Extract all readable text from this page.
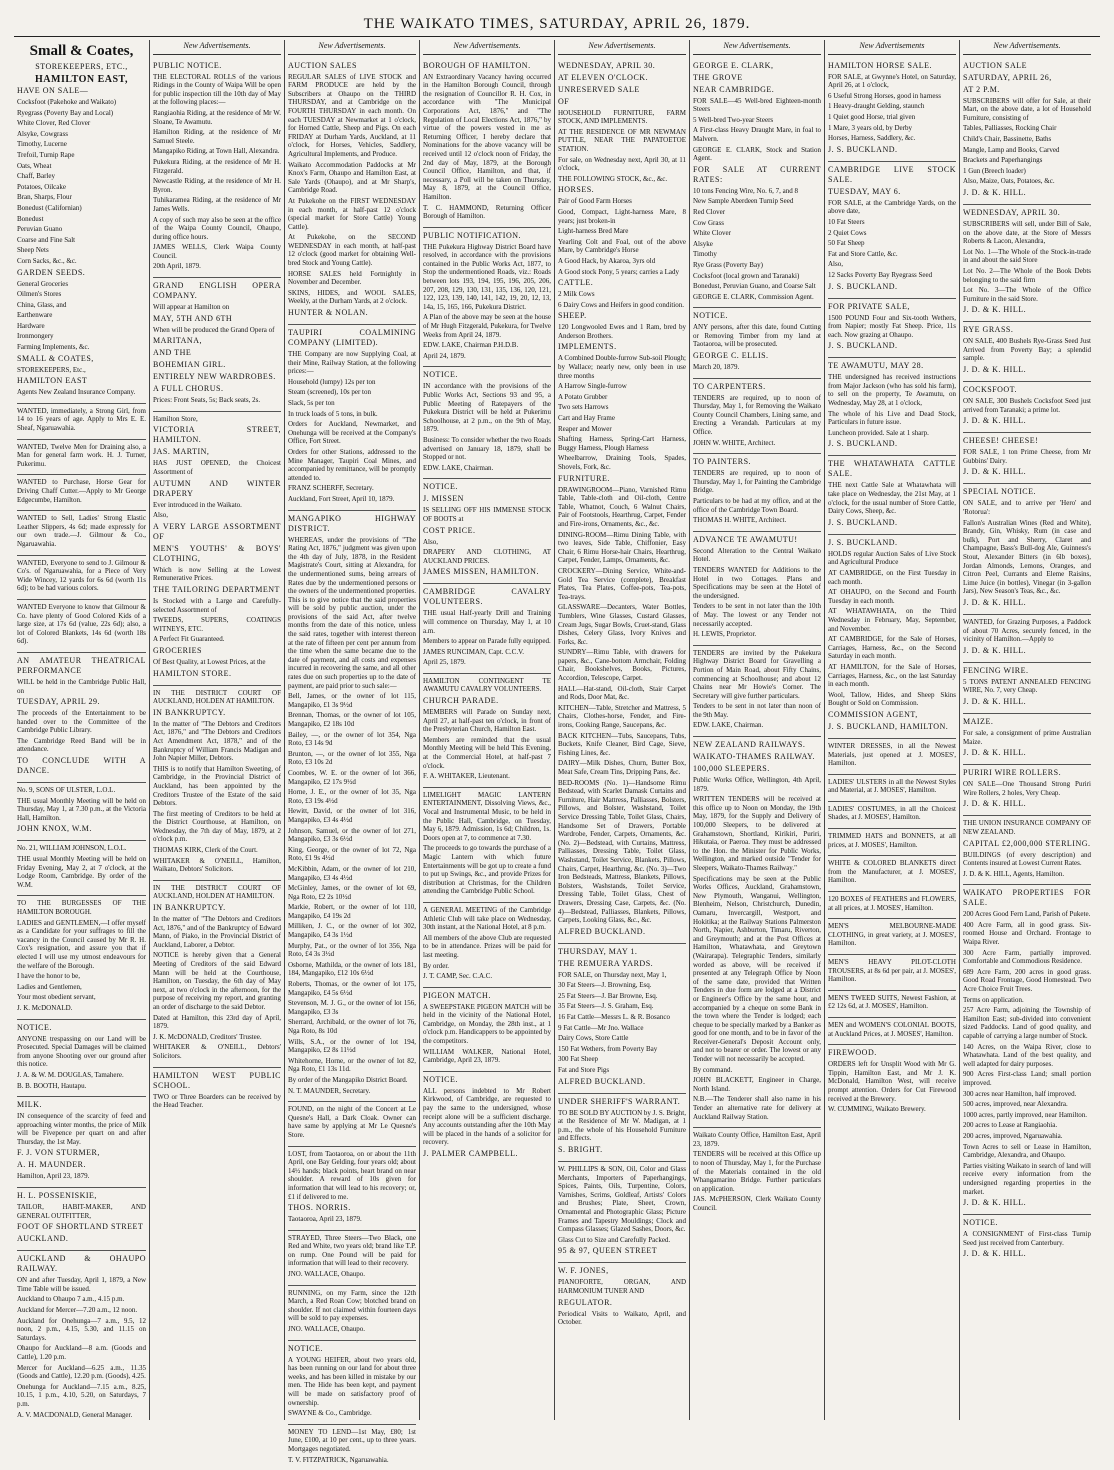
THE WAIKATO TIMES, SATURDAY, APRIL 26, 1879.
Small & Coates,
STOREKEEPERS, ETC.,
HAMILTON EAST,

HAVE ON SALE—

Cocksfoot (Pakehoke and Waikato)

Ryegrass (Poverty Bay and Local)

White Clover, Red Clover

Alsyke, Cowgrass

Timothy, Lucerne

Trefoil, Turnip Rape

Oats, Wheat

Chaff, Barley

Potatoes, Oilcake

Bran, Sharps, Flour

Bonedust (Californian)

Bonedust

Peruvian Guano

Coarse and Fine Salt

Sheep Nets

Corn Sacks, &c., &c.

GARDEN SEEDS.

General Groceries

Oilmen's Stores

China, Glass, and

Earthenware

Hardware

Ironmongery

Farming Implements, &c.

SMALL & COATES,

STOREKEEPERS, Etc.,

HAMILTON EAST

Agents New Zealand Insurance Company.

WANTED, immediately, a Strong Girl, from 14 to 16 years of age. Apply to Mrs E. E. Sheaf, Ngaruawahia.

WANTED, Twelve Men for Draining also, a Man for general farm work. H. J. Turner, Pukerimu.

WANTED to Purchase, Horse Gear for Driving Chaff Cutter.—Apply to Mr George Edgecumbe, Hamilton.

WANTED to Sell, Ladies' Strong Elastic Leather Slippers, 4s 6d; made expressly for our own trade.—J. Gilmour & Co., Ngaruawahia.

WANTED, Everyone to send to J. Gilmour & Co's. of Ngaruawahia, for a Piece of Very Wide Wincey, 12 yards for 6s 6d (worth 11s 6d); to be had various colors.

WANTED Everyone to know that Gilmour & Co. have plenty of Good Colored Kids of a large size, at 17s 6d (value, 22s 6d); also, a lot of Colored Blankets, 14s 6d (worth 18s 6d).

AN AMATEUR THEATRICAL PERFORMANCE

WILL be held in the Cambridge Public Hall, on

TUESDAY, APRIL 29.

The proceeds of the Entertainment to be handed over to the Committee of the Cambridge Public Library.

The Cambridge Reed Band will be in attendance.

TO CONCLUDE WITH A DANCE.

No. 9, SONS OF ULSTER, L.O.L.

THE usual Monthly Meeting will be held on Thursday, May 1, at 7.30 p.m., at the Victoria Hall, Hamilton.

JOHN KNOX, W.M.

No. 21, WILLIAM JOHNSON, L.O.L.

THE usual Monthly Meeting will be held on Friday Evening, May 2, at 7 o'clock, at the Lodge Room, Cambridge. By order of the W.M.

TO THE BURGESSES OF THE HAMILTON BOROUGH.

LADIES and GENTLEMEN,—I offer myself as a Candidate for your suffrages to fill the vacancy in the Council caused by Mr R. H. Cox's resignation, and assure you that if elected I will use my utmost endeavours for the welfare of the Borough.

I have the honor to be,

Ladies and Gentlemen,

Your most obedient servant,

J. K. McDONALD.

NOTICE.

ANYONE trespassing on our Land will be Prosecuted. Special Damages will be claimed from anyone Shooting over our ground after this notice.

J. A. & W. M. DOUGLAS, Tamahere.

B. B. BOOTH, Hautapu.

MILK.

IN consequence of the scarcity of feed and approaching winter months, the price of Milk will be Fivepence per quart on and after Thursday, the 1st May.

F. J. VON STURMER,

A. H. MAUNDER.

Hamilton, April 23, 1879.

H. L. POSSENISKIE,

TAILOR, HABIT-MAKER, AND GENERAL OUTFITTER,

FOOT OF SHORTLAND STREET

AUCKLAND.

AUCKLAND & OHAUPO RAILWAY.

ON and after Tuesday, April 1, 1879, a New Time Table will be issued.

Auckland to Ohaupo 7 a.m., 4.15 p.m.

Auckland for Mercer—7.20 a.m., 12 noon.

Auckland for Onehunga—7 a.m., 9.5, 12 noon, 2 p.m., 4.15, 5.30, and 11.15 on Saturdays.

Ohaupo for Auckland—8 a.m. (Goods and Cattle), 1.20 p.m.

Mercer for Auckland—6.25 a.m., 11.35 (Goods and Cattle), 12.20 p.m. (Goods), 4.25.

Onehunga for Auckland—7.15 a.m., 8.25, 10.15, 1 p.m., 4.10, 5.20, on Saturdays, 7 p.m.

A. V. MACDONALD, General Manager.

New Advertisements.

PUBLIC NOTICE.

THE ELECTORAL ROLLS of the various Ridings in the County of Waipa Will be open for public inspection till the 10th day of May at the following places:—

Rangiaohia Riding, at the residence of Mr W. Sloane, Te Awamutu.

Hamilton Riding, at the residence of Mr Samuel Steele.

Mangapiko Riding, at Town Hall, Alexandra.

Pukekura Riding, at the residence of Mr H. Fitzgerald.

Newcastle Riding, at the residence of Mr H. Byron.

Tuhikaramea Riding, at the residence of Mr James Wells.

A copy of such may also be seen at the office of the Waipa County Council, Ohaupo, during office hours.

JAMES WELLS, Clerk Waipa County Council.

20th April, 1879.

GRAND ENGLISH OPERA COMPANY.

Will appear at Hamilton on

MAY, 5TH AND 6TH

When will be produced the Grand Opera of

MARITANA,

AND THE

BOHEMIAN GIRL.

ENTIRELY NEW WARDROBES.

A FULL CHORUS.

Prices: Front Seats, 5s; Back seats, 2s.

Hamilton Store,

VICTORIA STREET, HAMILTON.

JAS. MARTIN,

HAS JUST OPENED, the Choicest Assortment of

AUTUMN AND WINTER DRAPERY

Ever introduced in the Waikato.

Also,

A VERY LARGE ASSORTMENT OF

MEN'S YOUTHS' & BOYS' CLOTHING,

Which is now Selling at the Lowest Remunerative Prices.

THE TAILORING DEPARTMENT

Is Stocked with a Large and Carefully-selected Assortment of

TWEEDS, SUPERS, COATINGS WITNEYS, ETC.

A Perfect Fit Guaranteed.

GROCERIES

Of Best Quality, at Lowest Prices, at the

HAMILTON STORE.

IN THE DISTRICT COURT OF AUCKLAND, HOLDEN AT HAMILTON.

IN BANKRUPTCY.

In the matter of "The Debtors and Creditors Act, 1876," and "The Debtors and Creditors Act Amendment Act, 1878," and of the Bankruptcy of William Francis Madigan and John Napier Miller, Debtors.

THIS is to notify that Hamilton Sweeting, of Cambridge, in the Provincial District of Auckland, has been appointed by the Creditors Trustee of the Estate of the said Debtors.

The first meeting of Creditors to be held at the District Courthouse, at Hamilton, on Wednesday, the 7th day of May, 1879, at 2 o'clock p.m.

THOMAS KIRK, Clerk of the Court.

WHITAKER & O'NEILL, Hamilton, Waikato, Debtors' Solicitors.

IN THE DISTRICT COURT OF AUCKLAND, HOLDEN AT HAMILTON.

IN BANKRUPTCY.

In the matter of "The Debtors and Creditors Act, 1876," and of the Bankruptcy of Edward Mann, of Piako, in the Provincial District of Auckland, Laborer, a Debtor.

NOTICE is hereby given that a General Meeting of Creditors of the said Edward Mann will be held at the Courthouse, Hamilton, on Tuesday, the 6th day of May next, at two o'clock in the afternoon, for the purpose of receiving my report, and granting an order of discharge to the said Debtor.

Dated at Hamilton, this 23rd day of April, 1879.

J. K. McDONALD, Creditors' Trustee.

WHITAKER & O'NEILL, Debtors' Solicitors.

HAMILTON WEST PUBLIC SCHOOL.

TWO or Three Boarders can be received by the Head Teacher.

New Advertisements.

AUCTION SALES

REGULAR SALES of LIVE STOCK and FARM PRODUCE are held by the Subscribers at Ohaupo on the THIRD THURSDAY, and at Cambridge on the FOURTH THURSDAY in each month. On each TUESDAY at Newmarket at 1 o'clock, for Horned Cattle, Sheep and Pigs. On each FRIDAY at Durham Yards, Auckland, at 11 o'clock, for Horses, Vehicles, Saddlery, Agricultural Implements, and Produce.

Waikato Accommodation Paddocks at Mr Knox's Farm, Ohaupo and Hamilton East, at Sale Yards (Ohaupo), and at Mr Sharp's, Cambridge Road.

At Pukekohe on the FIRST WEDNESDAY in each month, at half-past 12 o'clock (special market for Store Cattle) Young Cattle).

At Pukekohe, on the SECOND WEDNESDAY in each month, at half-past 12 o'clock (good market for obtaining Well-bred Stock and Young Cattle).

HORSE SALES held Fortnightly in November and December.

SKINS, HIDES, and WOOL SALES, Weekly, at the Durham Yards, at 2 o'clock.

HUNTER & NOLAN.

TAUPIRI COALMINING COMPANY (LIMITED).

THE Company are now Supplying Coal, at their Mine, Railway Station, at the following prices:—

Household (lumpy) 12s per ton

Steam (screened), 10s per ton

Slack, 5s per ton

In truck loads of 5 tons, in bulk.

Orders for Auckland, Newmarket, and Onehunga will be received at the Company's Office, Fort Street.

Orders for other Stations, addressed to the Mine Manager, Taupiri Coal Mines, and accompanied by remittance, will be promptly attended to.

FRANZ SCHERFF, Secretary.

Auckland, Fort Street, April 10, 1879.

MANGAPIKO HIGHWAY DISTRICT.

WHEREAS, under the provisions of "The Rating Act, 1876," judgment was given upon the 4th day of July, 1878, in the Resident Magistrate's Court, sitting at Alexandra, for the undermentioned sums, being arrears of Rates due by the undermentioned persons or the owners of the undermentioned properties. This is to give notice that the said properties will be sold by public auction, under the provisions of the said Act, after twelve months from the date of this notice, unless the said rates, together with interest thereon at the rate of fifteen per cent per annum from the time when the same became due to the date of payment, and all costs and expenses incurred in recovering the same, and all other rates due on such properties up to the date of payment, are paid prior to such sale:—

Bell, James, or the owner of lot 115, Mangapiko, £1 3s 9½d

Brennan, Thomas, or the owner of lot 105, Mangapiko, £2 18s 10d

Bailey, —, or the owner of lot 354, Nga Roto, £3 14s 9d

Brunton, —, or the owner of lot 355, Nga Roto, £3 10s 2d

Coombes, W. E. or the owner of lot 366, Mangapiko, £2 17s 9½d

Horne, J. E., or the owner of lot 35, Nga Roto, £3 19s 4½d

Hewitt, David, or the owner of lot 316, Mangapiko, £3 4s 4½d

Johnson, Samuel, or the owner of lot 271, Mangapiko, £3 3s 6½d

King, George, or the owner of lot 72, Nga Roto, £1 9s 4½d

McKibbin, Adam, or the owner of lot 210, Mangapiko, £3 4s 4½d

McGinley, James, or the owner of lot 69, Nga Roto, £2 2s 10½d

Markie, Robert, or the owner of lot 110, Mangapiko, £4 19s 2d

Milliken, J. C., or the owner of lot 302, Mangapiko, £4 3s 1½d

Murphy, Pat., or the owner of lot 356, Nga Roto, £4 3s 3½d

Osborne, Mathilda, or the owner of lots 181, 184, Mangapiko, £12 10s 6½d

Roberts, Thomas, or the owner of lot 175, Mangapiko, £4 5s 6½d

Stevenson, M. J. G., or the owner of lot 156, Mangapiko, £3 3s

Sherrard, Archibald, or the owner of lot 76, Nga Roto, 8s 10d

Wills, S.A., or the owner of lot 194, Mangapiko, £2 8s 11½d

Whitehorne, Horne, or the owner of lot 82, Nga Roto, £1 13s 11d.

By order of the Mangapiko District Board.

N. T. MAUNDER, Secretary.

FOUND, on the night of the Concert at Le Quesne's Hall, a Dark Cloak. Owner can have same by applying at Mr Le Quesne's Store.

LOST, from Taotaoroa, on or about the 11th April, one Bay Gelding, four years old; about 14½ hands; black points, heart brand on near shoulder. A reward of 10s given for information that will lead to his recovery; or, £1 if delivered to me.

THOS. NORRIS.

Taotaoroa, April 23, 1879.

STRAYED, Three Steers—Two Black, one Red and White, two years old; brand like T.P. on rump. One Pound will be paid for information that will lead to their recovery.

JNO. WALLACE, Ohaupo.

RUNNING, on my Farm, since the 12th March, a Red Roan Cow; blotched brand on shoulder. If not claimed within fourteen days will be sold to pay expenses.

JNO. WALLACE, Ohaupo.

NOTICE.

A YOUNG HEIFER, about two years old, has been running on our land for about three weeks, and has been killed in mistake by our men. The Hide has been kept, and payment will be made on satisfactory proof of ownership.

SWAYNE & Co., Cambridge.

MONEY TO LEND—1st May, £80; 1st June, £100, at 10 per cent., up to three years. Mortgages negotiated.

T. V. FITZPATRICK, Ngaruawahia.

New Advertisements.

BOROUGH OF HAMILTON.

AN Extraordinary Vacancy having occurred in the Hamilton Borough Council, through the resignation of Councillor R. H. Cox, in accordance with "The Municipal Corporations Act, 1876," and "The Regulation of Local Elections Act, 1876," by virtue of the powers vested in me as Returning Officer, I hereby declare that Nominations for the above vacancy will be received until 12 o'clock noon of Friday, the 2nd day of May, 1879, at the Borough Council Office, Hamilton, and that, if necessary, a Poll will be taken on Thursday, May 8, 1879, at the Council Office, Hamilton.

T. C. HAMMOND, Returning Officer Borough of Hamilton.

PUBLIC NOTIFICATION.

THE Pukekura Highway District Board have resolved, in accordance with the provisions contained in the Public Works Act, 1877, to Stop the undermentioned Roads, viz.: Roads between lots 193, 194, 195, 196, 205, 206, 207, 208, 129, 130, 131, 135, 136, 120, 121, 122, 123, 139, 140, 141, 142, 19, 20, 12, 13, 14a, 15, 165, 166, Pukekura District.

A Plan of the above may be seen at the house of Mr Hugh Fitzgerald, Pukekura, for Twelve Weeks from April 24, 1879.

EDW. LAKE, Chairman P.H.D.B.

April 24, 1879.

NOTICE.

IN accordance with the provisions of the Public Works Act, Sections 93 and 95, a Public Meeting of Ratepayers of the Pukekura District will be held at Pukerimu Schoolhouse, at 2 p.m., on the 9th of May, 1879.

Business: To consider whether the two Roads advertised on January 18, 1879, shall be Stopped or not.

EDW. LAKE, Chairman.

NOTICE.

J. MISSEN

IS SELLING OFF HIS IMMENSE STOCK OF BOOTS at

COST PRICE.

Also,

DRAPERY AND CLOTHING, AT AUCKLAND PRICES.

JAMES MISSEN, HAMILTON.

CAMBRIDGE CAVALRY VOLUNTEERS.

THE usual Half-yearly Drill and Training will commence on Thursday, May 1, at 10 a.m.

Members to appear on Parade fully equipped.

JAMES RUNCIMAN, Capt. C.C.V.

April 25, 1879.

HAMILTON CONTINGENT TE AWAMUTU CAVALRY VOLUNTEERS.

CHURCH PARADE.

MEMBERS will Parade on Sunday next, April 27, at half-past ten o'clock, in front of the Presbyterian Church, Hamilton East.

Members are reminded that the usual Monthly Meeting will be held This Evening, at the Commercial Hotel, at half-past 7 o'clock.

F. A. WHITAKER, Lieutenant.

LIMELIGHT MAGIC LANTERN ENTERTAINMENT, Dissolving Views, &c., Vocal and Instrumental Music, to be held in the Public Hall, Cambridge, on Tuesday, May 6, 1879. Admission, 1s 6d; Children, 1s. Doors open at 7, to commence at 7.30.

The proceeds to go towards the purchase of a Magic Lantern with which future Entertainments will be got up to create a fund to put up Swings, &c., and provide Prizes for distribution at Christmas, for the Children attending the Cambridge Public School.

A GENERAL MEETING of the Cambridge Athletic Club will take place on Wednesday, 30th instant, at the National Hotel, at 8 p.m.

All members of the above Club are requested to be in attendance. Prizes will be paid for last meeting.

By order.

J. T. CAMP, Sec. C.A.C.

PIGEON MATCH.

A SWEEPSTAKE PIGEON MATCH will be held in the vicinity of the National Hotel, Cambridge, on Monday, the 28th inst., at 1 o'clock p.m. Handicappers to be appointed by the competitors.

WILLIAM WALKER, National Hotel, Cambridge, April 23, 1879.

NOTICE.

ALL persons indebted to Mr Robert Kirkwood, of Cambridge, are requested to pay the same to the undersigned, whose receipt alone will be a sufficient discharge. Any accounts outstanding after the 10th May will be placed in the hands of a solicitor for recovery.

J. PALMER CAMPBELL.

New Advertisements.

WEDNESDAY, APRIL 30.

AT ELEVEN O'CLOCK.

UNRESERVED SALE

OF

HOUSEHOLD FURNITURE, FARM STOCK, AND IMPLEMENTS.

AT THE RESIDENCE OF MR NEWMAN PUTTLE, NEAR THE PAPATOETOE STATION.

For sale, on Wednesday next, April 30, at 11 o'clock,

THE FOLLOWING STOCK, &c., &c.

HORSES.

Pair of Good Farm Horses

Good, Compact, Light-harness Mare, 8 years; just broken-in

Light-harness Bred Mare

Yearling Colt and Foal, out of the above Mare, by Cambridge's Horse

A Good Hack, by Akaroa, 3yrs old

A Good stock Pony, 5 years; carries a Lady

CATTLE.

2 Milk Cows

6 Dairy Cows and Heifers in good condition.

SHEEP.

120 Longwooled Ewes and 1 Ram, bred by Anderson Brothers.

IMPLEMENTS.

A Combined Double-furrow Sub-soil Plough; by Wallace; nearly new, only been in use three months

A Harrow Single-furrow

A Potato Grubber

Two sets Harrows

Cart and Hay Frame

Reaper and Mower

Shafting Harness, Spring-Cart Harness, Buggy Harness, Plough Harness

Wheelbarrow, Draining Tools, Spades, Shovels, Fork, &c.

FURNITURE.

DRAWINGROOM—Piano, Varnished Rimu Table, Table-cloth and Oil-cloth, Centre Table, Whatnot, Couch, 6 Walnut Chairs, Pair of Footstools, Hearthrug, Carpet, Fender and Fire-irons, Ornaments, &c., &c.

DINING-ROOM—Rimu Dining Table, with two leaves, Side Table, Chiffonier, Easy Chair, 6 Rimu Horse-hair Chairs, Hearthrug, Carpet, Fender, Lamps, Ornaments, &c.

CROCKERY—Dining Service, White-and-Gold Tea Service (complete), Breakfast Plates, Tea Plates, Coffee-pots, Tea-pots, Tea-trays.

GLASSWARE—Decanters, Water Bottles, Tumblers, Wine Glasses, Custard Glasses, Cream Jugs, Sugar Bowls, Cruet-stand, Glass Dishes, Celery Glass, Ivory Knives and Forks, &c.

SUNDRY—Rimu Table, with drawers for papers, &c., Cane-bottom Armchair, Folding Chair, Bookshelves, Books, Pictures, Accordion, Telescope, Carpet.

HALL—Hat-stand, Oil-cloth, Stair Carpet and Rods, Door Mat, &c.

KITCHEN—Table, Stretcher and Mattress, 5 Chairs, Clothes-horse, Fender, and Fire-irons, Cooking Range, Saucepans, &c.

BACK KITCHEN—Tubs, Saucepans, Tubs, Buckets, Knife Cleaner, Bird Cage, Sieve, Fishing Lines, &c.

DAIRY—Milk Dishes, Churn, Butter Box, Meat Safe, Cream Tins, Dripping Pans, &c.

BED-ROOMS (No. 1)—Handsome Rimu Bedstead, with Scarlet Damask Curtains and Furniture, Hair Mattress, Palliasses, Bolsters, Pillows, and Bolster, Washstand, Toilet Service Dressing Table, Toilet Glass, Chairs, Handsome Set of Drawers, Portable Wardrobe, Fender, Carpets, Ornaments, &c. (No. 2)—Bedstead, with Curtains, Mattress, Palliasses, Dressing Table, Toilet Glass, Washstand, Toilet Service, Blankets, Pillows, Chairs, Carpet, Hearthrug, &c. (No. 3)—Two Iron Bedsteads, Mattress, Blankets, Pillows, Bolsters, Washstands, Toilet Service, Dressing Table, Toilet Glass, Chest of Drawers, Dressing Case, Carpets, &c. (No. 4)—Bedstead, Palliasses, Blankets, Pillows, Carpets, Looking Glass, &c., &c.

ALFRED BUCKLAND.

THURSDAY, MAY 1.

THE REMUERA YARDS.

FOR SALE, on Thursday next, May 1,

30 Fat Steers—J. Browning, Esq.

25 Fat Steers—J. Bar Browne, Esq.

35 Fat Steers—J. S. Graham, Esq.

16 Fat Cattle—Messrs L. & R. Bosanco

9 Fat Cattle—Mr Jno. Wallace

Dairy Cows, Store Cattle

150 Fat Wethers, from Poverty Bay

300 Fat Sheep

Fat and Store Pigs

ALFRED BUCKLAND.

UNDER SHERIFF'S WARRANT.

TO BE SOLD BY AUCTION by J. S. Bright, at the Residence of Mr W. Madigan, at 1 p.m., the whole of his Household Furniture and Effects.

S. BRIGHT.

W. PHILLIPS & SON, Oil, Color and Glass Merchants, Importers of Paperhangings, Spices, Paints, Oils, Turpentine, Colors, Varnishes, Scrims, Goldleaf, Artists' Colors and Brushes; Plate, Sheet, Crown, Ornamental and Photographic Glass; Picture Frames and Tapestry Mouldings; Clock and Compass Glasses; Glazed Sashes, Doors, &c.

Glass Cut to Size and Carefully Packed.

95 & 97, QUEEN STREET

W. F. JONES,

PIANOFORTE, ORGAN, AND HARMONIUM TUNER AND

REGULATOR.

Periodical Visits to Waikato, April, and October.

New Advertisements.

GEORGE E. CLARK,

THE GROVE

NEAR CAMBRIDGE.

FOR SALE—45 Well-bred Eighteen-month Steers

5 Well-bred Two-year Steers

A First-class Heavy Draught Mare, in foal to Malvern.

GEORGE E. CLARK, Stock and Station Agent.

FOR SALE AT CURRENT RATES:

10 tons Fencing Wire, No. 6, 7, and 8

New Sample Aberdeen Turnip Seed

Red Clover

Cow Grass

White Clover

Alsyke

Timothy

Rye Grass (Poverty Bay)

Cocksfoot (local grown and Taranaki)

Bonedust, Peruvian Guano, and Coarse Salt

GEORGE E. CLARK, Commission Agent.

NOTICE.

ANY persons, after this date, found Cutting or Removing Timber from my land at Taotaoroa, will be prosecuted.

GEORGE C. ELLIS.

March 20, 1879.

TO CARPENTERS.

TENDERS are required, up to noon of Thursday, May 1, for Removing the Waikato County Council Chambers, Lining same, and Erecting a Verandah. Particulars at my Office.

JOHN W. WHITE, Architect.

TO PAINTERS.

TENDERS are required, up to noon of Thursday, May 1, for Painting the Cambridge Bridge.

Particulars to be had at my office, and at the office of the Cambridge Town Board.

THOMAS H. WHITE, Architect.

ADVANCE TE AWAMUTU!

Second Alteration to the Central Waikato Hotel.

TENDERS WANTED for Additions to the Hotel in two Cottages. Plans and Specifications may be seen at the Hotel of the undersigned.

Tenders to be sent in not later than the 10th of May. The lowest or any Tender not necessarily accepted.

H. LEWIS, Proprietor.

TENDERS are invited by the Pukekura Highway District Board for Gravelling a Portion of Main Road, about Fifty Chains, commencing at Schoolhouse; and about 12 Chains near Mr Howie's Corner. The Secretary will give further particulars.

Tenders to be sent in not later than noon of the 9th May.

EDW. LAKE, Chairman.

NEW ZEALAND RAILWAYS.

WAIKATO-THAMES RAILWAY.

100,000 SLEEPERS.

Public Works Office, Wellington, 4th April, 1879.

WRITTEN TENDERS will be received at this office up to Noon on Monday, the 19th May, 1879, for the Supply and Delivery of 100,000 Sleepers, to be delivered at Grahamstown, Shortland, Kirikiri, Puriri, Hikutaia, or Paeroa. They must be addressed to the Hon. the Minister for Public Works, Wellington, and marked outside "Tender for Sleepers, Waikato-Thames Railway."

Specifications may be seen at the Public Works Offices, Auckland, Grahamstown, New Plymouth, Wanganui, Wellington, Blenheim, Nelson, Christchurch, Dunedin, Oamaru, Invercargill, Westport, and Hokitika; at the Railway Stations Palmerston North, Napier, Ashburton, Timaru, Riverton, and Greymouth; and at the Post Offices at Hamilton, Whatawhata, and Greytown (Wairarapa). Telegraphic Tenders, similarly worded as above, will be received if presented at any Telegraph Office by Noon of the same date, provided that Written Tenders in due form are lodged at a District or Engineer's Office by the same hour, and accompanied by a cheque on some Bank in the town where the Tender is lodged; each cheque to be specially marked by a Banker as good for one month, and to be in favor of the Receiver-General's Deposit Account only, and not to bearer or order. The lowest or any Tender will not necessarily be accepted.

By command.

JOHN BLACKETT, Engineer in Charge, North Island.

N.B.—The Tenderer shall also name in his Tender an alternative rate for delivery at Auckland Railway Station.

Waikato County Office, Hamilton East, April 23, 1879.

TENDERS will be received at this Office up to noon of Thursday, May 1, for the Purchase of the Materials contained in the old Whangamarino Bridge. Further particulars on application.

JAS. McPHERSON, Clerk Waikato County Council.

New Advertisements

HAMILTON HORSE SALE.

FOR SALE, at Gwynne's Hotel, on Saturday, April 26, at 1 o'clock,

6 Useful Strong Horses, good in harness

1 Heavy-draught Gelding, staunch

1 Quiet good Horse, trial given

1 Mare, 3 years old, by Derby

Horses, Harness, Saddlery, &c.

J. S. BUCKLAND.

CAMBRIDGE LIVE STOCK SALE.

TUESDAY, MAY 6.

FOR SALE, at the Cambridge Yards, on the above date,

10 Fat Steers

2 Quiet Cows

50 Fat Sheep

Fat and Store Cattle, &c.

Also,

12 Sacks Poverty Bay Ryegrass Seed

J. S. BUCKLAND.

FOR PRIVATE SALE,

1500 POUND Four and Six-tooth Wethers, from Napier; mostly Fat Sheep. Price, 11s each. Now grazing at Ohaupo.

J. S. BUCKLAND.

TE AWAMUTU, MAY 28.

THE undersigned has received instructions from Major Jackson (who has sold his farm), to sell on the property, Te Awamutu, on Wednesday, May 28, at 1 o'clock,

The whole of his Live and Dead Stock, Particulars in future issue.

Luncheon provided. Sale at 1 sharp.

J. S. BUCKLAND.

THE WHATAWHATA CATTLE SALE.

THE next Cattle Sale at Whatawhata will take place on Wednesday, the 21st May, at 1 o'clock, for the usual number of Store Cattle, Dairy Cows, Sheep, &c.

J. S. BUCKLAND.

J. S. BUCKLAND.

HOLDS regular Auction Sales of Live Stock and Agricultural Produce

AT CAMBRIDGE, on the First Tuesday in each month.

AT OHAUPO, on the Second and Fourth Tuesday in each month.

AT WHATAWHATA, on the Third Wednesday in February, May, September, and November.

AT CAMBRIDGE, for the Sale of Horses, Carriages, Harness, &c., on the Second Saturday in each month.

AT HAMILTON, for the Sale of Horses, Carriages, Harness, &c., on the last Saturday in each month.

Wool, Tallow, Hides, and Sheep Skins Bought or Sold on Commission.

COMMISSION AGENT,

J. S. BUCKLAND, HAMILTON.

WINTER DRESSES, in all the Newest Materials, just opened at J. MOSES', Hamilton.

LADIES' ULSTERS in all the Newest Styles and Material, at J. MOSES', Hamilton.

LADIES' COSTUMES, in all the Choicest Shades, at J. MOSES', Hamilton.

TRIMMED HATS and BONNETS, at all prices, at J. MOSES', Hamilton.

WHITE & COLORED BLANKETS direct from the Manufacturer, at J. MOSES', Hamilton.

120 BOXES of FEATHERS and FLOWERS, at all prices, at J. MOSES', Hamilton.

MEN'S MELBOURNE-MADE CLOTHING, in great variety, at J. MOSES', Hamilton.

MEN'S HEAVY PILOT-CLOTH TROUSERS, at 8s 6d per pair, at J. MOSES', Hamilton.

MEN'S TWEED SUITS, Newest Fashion, at £2 12s 6d, at J. MOSES', Hamilton.

MEN and WOMEN'S COLONIAL BOOTS, at Auckland Prices, at J. MOSES', Hamilton.

FIREWOOD.

ORDERS left for Unsplit Wood with Mr G. Tippin, Hamilton East, and Mr J. K. McDonald, Hamilton West, will receive prompt attention. Orders for Cut Firewood received at the Brewery.

W. CUMMING, Waikato Brewery.

New Advertisements.

AUCTION SALE

SATURDAY, APRIL 26,

AT 2 P.M.

SUBSCRIBERS will offer for Sale, at their Mart, on the above date, a lot of Household Furniture, consisting of

Tables, Palliasses, Rocking Chair

Child's Chair, Bassinette, Baths

Mangle, Lamp and Books, Carved

Brackets and Paperhangings

1 Gun (Breech loader)

Also, Maize, Oats, Potatoes, &c.

J. D. & K. HILL.

WEDNESDAY, APRIL 30.

SUBSCRIBERS will sell, under Bill of Sale, on the above date, at the Store of Messrs Roberts & Lacon, Alexandra,

Lot No. 1—The Whole of the Stock-in-trade in and about the said Store

Lot No. 2—The Whole of the Book Debts belonging to the said firm

Lot No. 3—The Whole of the Office Furniture in the said Store.

J. D. & K. HILL.

RYE GRASS.

ON SALE, 400 Bushels Rye-Grass Seed Just Arrived from Poverty Bay; a splendid sample.

J. D. & K. HILL.

COCKSFOOT.

ON SALE, 300 Bushels Cocksfoot Seed just arrived from Taranaki; a prime lot.

J. D. & K. HILL.

CHEESE! CHEESE!

FOR SALE, 1 ton Prime Cheese, from Mr Gubbins' Dairy.

J. D. & K. HILL.

SPECIAL NOTICE.

ON SALE, and to arrive per 'Hero' and 'Rotorua':

Fallon's Australian Wines (Red and White), Brandy, Gin, Whisky, Rum (in case and bulk), Port and Sherry, Claret and Champagne, Bass's Bull-dog Ale, Guinness's Stout, Alexander Bitters (in 6lb boxes), Jordan Almonds, Lemons, Oranges, and Citron Peel, Currants and Eleme Raisins, Lime Juice (in bottles), Vinegar (in 3-gallon Jars), New Season's Teas, &c., &c.

J. D. & K. HILL.

WANTED, for Grazing Purposes, a Paddock of about 70 Acres, securely fenced, in the vicinity of Hamilton.—Apply to

J. D. & K. HILL.

FENCING WIRE.

5 TONS PATENT ANNEALED FENCING WIRE, No. 7, very Cheap.

J. D. & K. HILL.

MAIZE.

For sale, a consignment of prime Australian Maize.

J. D. & K. HILL.

PURIRI WIRE ROLLERS.

ON SALE—One Thousand Strong Puriri Wire Rollers, 2 holes, Very Cheap.

J. D. & K. HILL.

THE UNION INSURANCE COMPANY OF NEW ZEALAND.

CAPITAL £2,000,000 STERLING.

BUILDINGS (of every description) and Contents insured at Lowest Current Rates.

J. D. & K. HILL, Agents, Hamilton.

WAIKATO PROPERTIES FOR SALE.

200 Acres Good Fern Land, Parish of Pukete.

400 Acre Farm, all in good grass. Six-roomed House and Orchard. Frontage to Waipa River.

300 Acre Farm, partially improved. Comfortable and Commodious Residence.

689 Acre Farm, 200 acres in good grass. Good Road Frontage, Good Homestead. Two Acre Choice Fruit Trees.

Terms on application.

257 Acre Farm, adjoining the Township of Hamilton East; sub-divided into convenient sized Paddocks. Land of good quality, and capable of carrying a large number of Stock.

140 Acres, on the Waipa River, close to Whatawhata. Land of the best quality, and well adapted for dairy purposes.

900 Acres First-class Land; small portion improved.

300 acres near Hamilton, half improved.

500 acres, improved, near Alexandra.

1000 acres, partly improved, near Hamilton.

200 acres to Lease at Rangiaohia.

200 acres, improved, Ngaruawahia.

Town Acres to sell or Lease in Hamilton, Cambridge, Alexandra, and Ohaupo.

Parties visiting Waikato in search of land will receive every information from the undersigned regarding properties in the market.

J. D. & K. HILL.

NOTICE.

A CONSIGNMENT of First-class Turnip Seed just received from Canterbury.

J. D. & K. HILL.
